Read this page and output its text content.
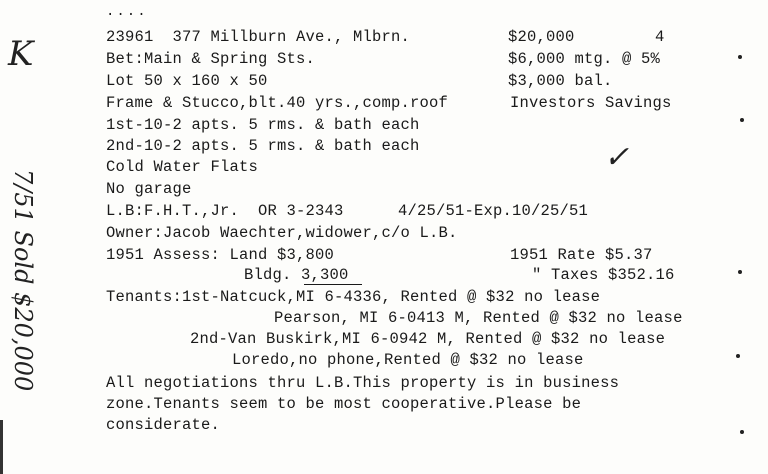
....
23961  377 Millburn Ave., Mlbrn.	$20,000	4
Bet:Main & Spring Sts.	$6,000 mtg. @ 5%
Lot 50 x 160 x 50	$3,000 bal.
Frame & Stucco,blt.40 yrs.,comp.roof	Investors Savings
1st-10-2 apts. 5 rms. & bath each
2nd-10-2 apts. 5 rms. & bath each
Cold Water Flats
No garage
L.B:F.H.T.,Jr.  OR 3-2343	4/25/51-Exp.10/25/51
Owner:Jacob Waechter,widower,c/o L.B.
1951 Assess: Land $3,800	1951 Rate $5.37
Bldg. 3,300	" Taxes $352.16
Tenants:1st-Natcuck,MI 6-4336, Rented @ $32 no lease
Pearson, MI 6-0413 M, Rented @ $32 no lease
2nd-Van Buskirk,MI 6-0942 M, Rented @ $32 no lease
Loredo,no phone,Rented @ $32 no lease
All negotiations thru L.B.This property is in business
zone.Tenants seem to be most cooperative.Please be
considerate.
K
✓
7/51 Sold $20,000
